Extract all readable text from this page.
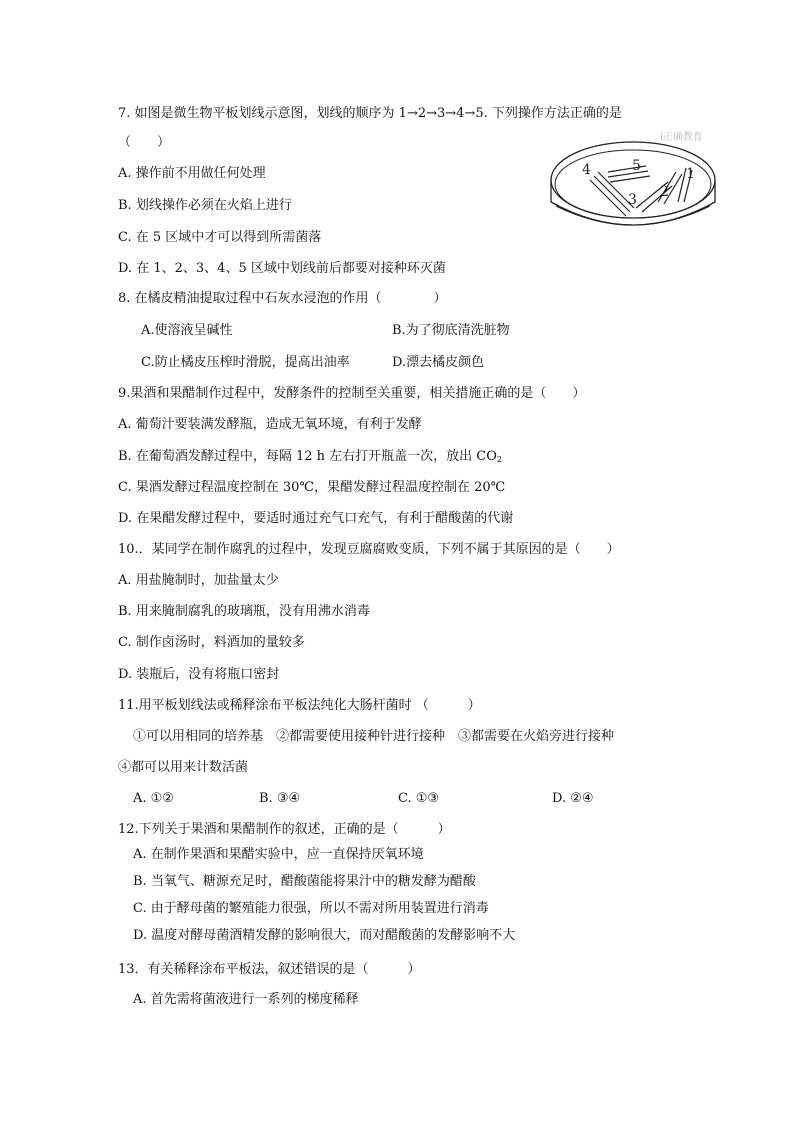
7. 如图是微生物平板划线示意图，划线的顺序为 1→2→3→4→5. 下列操作方法正确的是
（　　）
A. 操作前不用做任何处理
B. 划线操作必须在火焰上进行
C. 在 5 区域中才可以得到所需菌落
D. 在 1、2、3、4、5 区域中划线前后都要对接种环灭菌
i正确教育
1
2
3
4	5
8. 在橘皮精油提取过程中石灰水浸泡的作用（　　　　）
A.使溶液呈碱性	B.为了彻底清洗脏物
C.防止橘皮压榨时滑脱，提高出油率	D.漂去橘皮颜色
9.果酒和果醋制作过程中，发酵条件的控制至关重要，相关措施正确的是（　　）
A. 葡萄汁要装满发酵瓶，造成无氧环境，有利于发酵
B. 在葡萄酒发酵过程中，每隔 12 h 左右打开瓶盖一次，放出 $CO_2$
C. 果酒发酵过程温度控制在 30℃，果醋发酵过程温度控制在 20℃
D. 在果醋发酵过程中，要适时通过充气口充气，有利于醋酸菌的代谢
10.．某同学在制作腐乳的过程中，发现豆腐腐败变质，下列不属于其原因的是（　　）
A. 用盐腌制时，加盐量太少
B. 用来腌制腐乳的玻璃瓶，没有用沸水消毒
C. 制作卤汤时，料酒加的量较多
D. 装瓶后，没有将瓶口密封
11.用平板划线法或稀释涂布平板法纯化大肠杆菌时 （　　　）
①可以用相同的培养基　②都需要使用接种针进行接种　③都需要在火焰旁进行接种
④都可以用来计数活菌
A. ①②	B. ③④	C. ①③	D. ②④
12.下列关于果酒和果醋制作的叙述，正确的是（　　　）
A. 在制作果酒和果醋实验中，应一直保持厌氧环境
B. 当氧气、糖源充足时，醋酸菌能将果汁中的糖发酵为醋酸
C. 由于酵母菌的繁殖能力很强，所以不需对所用装置进行消毒
D. 温度对酵母菌酒精发酵的影响很大，而对醋酸菌的发酵影响不大
13．有关稀释涂布平板法，叙述错误的是（　　　）
A. 首先需将菌液进行一系列的梯度稀释
